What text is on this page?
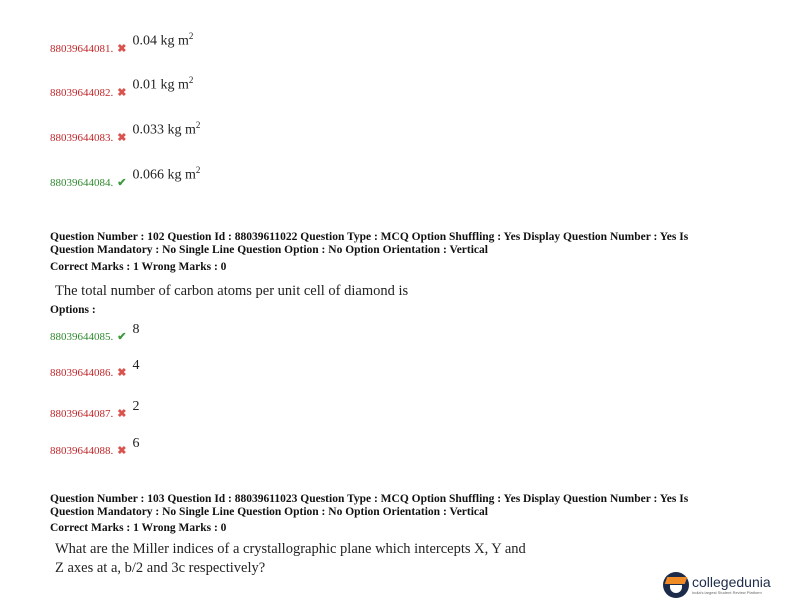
88039644081. ✖ 0.04 kg $m^2$
88039644082. ✖ 0.01 kg $m^2$
88039644083. ✖ 0.033 kg $m^2$
88039644084. ✔ 0.066 kg $m^2$
Question Number : 102 Question Id : 88039611022 Question Type : MCQ Option Shuffling : Yes Display Question Number : Yes Is
Question Mandatory : No Single Line Question Option : No Option Orientation : Vertical
Correct Marks : 1 Wrong Marks : 0
The total number of carbon atoms per unit cell of diamond is
Options :
88039644085. ✔ 8
88039644086. ✖ 4
88039644087. ✖ 2
88039644088. ✖ 6
Question Number : 103 Question Id : 88039611023 Question Type : MCQ Option Shuffling : Yes Display Question Number : Yes Is
Question Mandatory : No Single Line Question Option : No Option Orientation : Vertical
Correct Marks : 1 Wrong Marks : 0
What are the Miller indices of a crystallographic plane which intercepts X, Y and
Z axes at a, b/2 and 3c respectively?
collegedunia
India's largest Student Review Platform
